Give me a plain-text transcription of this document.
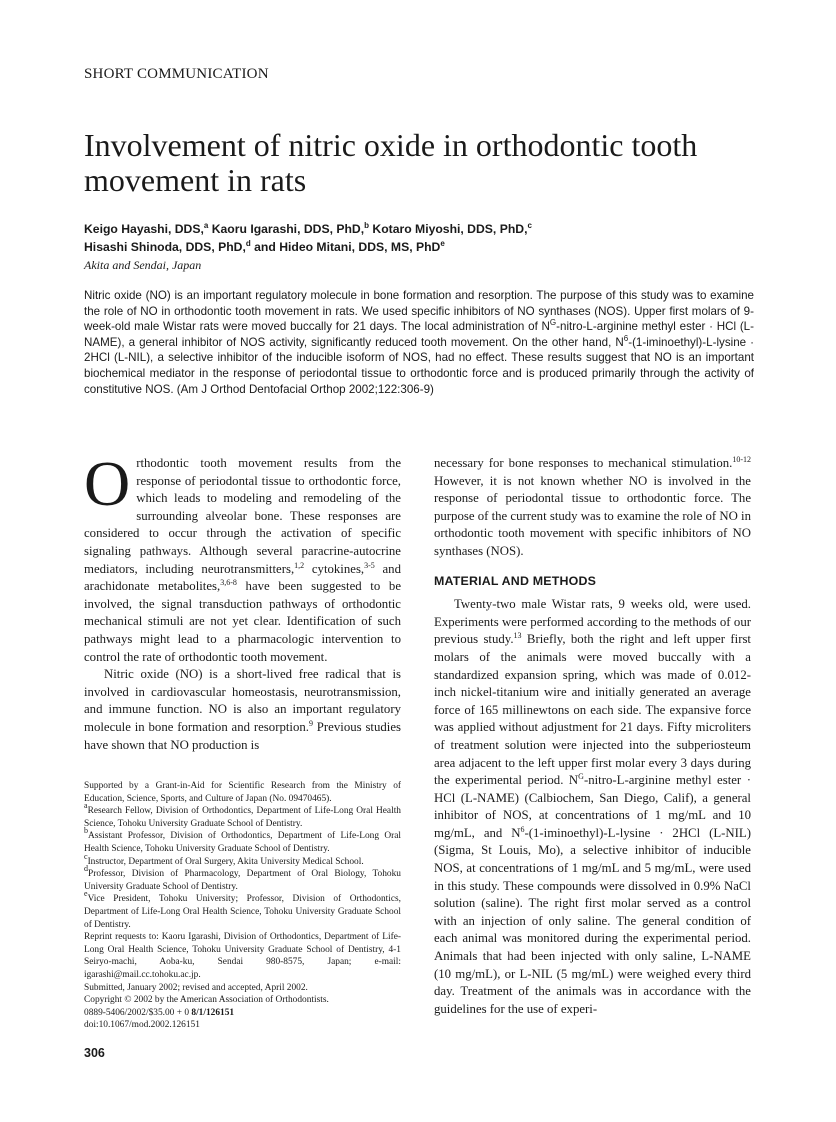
SHORT COMMUNICATION
Involvement of nitric oxide in orthodontic tooth movement in rats
Keigo Hayashi, DDS,$^a$ Kaoru Igarashi, DDS, PhD,$^b$ Kotaro Miyoshi, DDS, PhD,$^c$
Hisashi Shinoda, DDS, PhD,$^d$ and Hideo Mitani, DDS, MS, PhD$^e$
Akita and Sendai, Japan
Nitric oxide (NO) is an important regulatory molecule in bone formation and resorption. The purpose of this study was to examine the role of NO in orthodontic tooth movement in rats. We used specific inhibitors of NO synthases (NOS). Upper first molars of 9-week-old male Wistar rats were moved buccally for 21 days. The local administration of $N^G-nitro-L$-arginine methyl ester · HCl (L-NAME), a general inhibitor of NOS activity, significantly reduced tooth movement. On the other hand, $N^6-(1-iminoethyl)-L$-lysine · 2HCl (L-NIL), a selective inhibitor of the inducible isoform of NOS, had no effect. These results suggest that NO is an important biochemical mediator in the response of periodontal tissue to orthodontic force and is produced primarily through the activity of constitutive NOS. (Am J Orthod Dentofacial Orthop 2002;122:306-9)

Orthodontic tooth movement results from the response of periodontal tissue to orthodontic force, which leads to modeling and remodeling of the surrounding alveolar bone. These responses are considered to occur through the activation of specific signaling pathways. Although several paracrine-autocrine mediators, including neurotransmitters,$^{1,2}$ cytokines,$^{3-5}$ and arachidonate metabolites,$^{3,6-8}$ have been suggested to be involved, the signal transduction pathways of orthodontic mechanical stimuli are not yet clear. Identification of such pathways might lead to a pharmacologic intervention to control the rate of orthodontic tooth movement.

Nitric oxide (NO) is a short-lived free radical that is involved in cardiovascular homeostasis, neurotransmission, and immune function. NO is also an important regulatory molecule in bone formation and resorption.$^9$ Previous studies have shown that NO production is

necessary for bone responses to mechanical stimulation.$^{10-12}$ However, it is not known whether NO is involved in the response of periodontal tissue to orthodontic force. The purpose of the current study was to examine the role of NO in orthodontic tooth movement with specific inhibitors of NO synthases (NOS).

MATERIAL AND METHODS

Twenty-two male Wistar rats, 9 weeks old, were used. Experiments were performed according to the methods of our previous study.$^{13}$ Briefly, both the right and left upper first molars of the animals were moved buccally with a standardized expansion spring, which was made of 0.012-inch nickel-titanium wire and initially generated an average force of 165 millinewtons on each side. The expansive force was applied without adjustment for 21 days. Fifty microliters of treatment solution were injected into the subperiosteum area adjacent to the left upper first molar every 3 days during the experimental period. $N^G-nitro-L$-arginine methyl ester · HCl (L-NAME) (Calbiochem, San Diego, Calif), a general inhibitor of NOS, at concentrations of 1 mg/mL and 10 mg/mL, and $N^6-(1-iminoethyl)-L$-lysine · 2HCl (L-NIL) (Sigma, St Louis, Mo), a selective inhibitor of inducible NOS, at concentrations of 1 mg/mL and 5 mg/mL, were used in this study. These compounds were dissolved in 0.9% NaCl solution (saline). The right first molar served as a control with an injection of only saline. The general condition of each animal was monitored during the experimental period. Animals that had been injected with only saline, L-NAME (10 mg/mL), or L-NIL (5 mg/mL) were weighed every third day. Treatment of the animals was in accordance with the guidelines for the use of experi-

Supported by a Grant-in-Aid for Scientific Research from the Ministry of Education, Science, Sports, and Culture of Japan (No. 09470465).

$^a$Research Fellow, Division of Orthodontics, Department of Life-Long Oral Health Science, Tohoku University Graduate School of Dentistry.

$^b$Assistant Professor, Division of Orthodontics, Department of Life-Long Oral Health Science, Tohoku University Graduate School of Dentistry.

$^c$Instructor, Department of Oral Surgery, Akita University Medical School.

$^d$Professor, Division of Pharmacology, Department of Oral Biology, Tohoku University Graduate School of Dentistry.

$^e$Vice President, Tohoku University; Professor, Division of Orthodontics, Department of Life-Long Oral Health Science, Tohoku University Graduate School of Dentistry.

Reprint requests to: Kaoru Igarashi, Division of Orthodontics, Department of Life-Long Oral Health Science, Tohoku University Graduate School of Dentistry, 4-1 Seiryo-machi, Aoba-ku, Sendai 980-8575, Japan; e-mail: igarashi@mail.cc.tohoku.ac.jp.

Submitted, January 2002; revised and accepted, April 2002.

Copyright © 2002 by the American Association of Orthodontists.

0889-5406/2002/$35.00 + 0 8/1/126151

doi:10.1067/mod.2002.126151

306
